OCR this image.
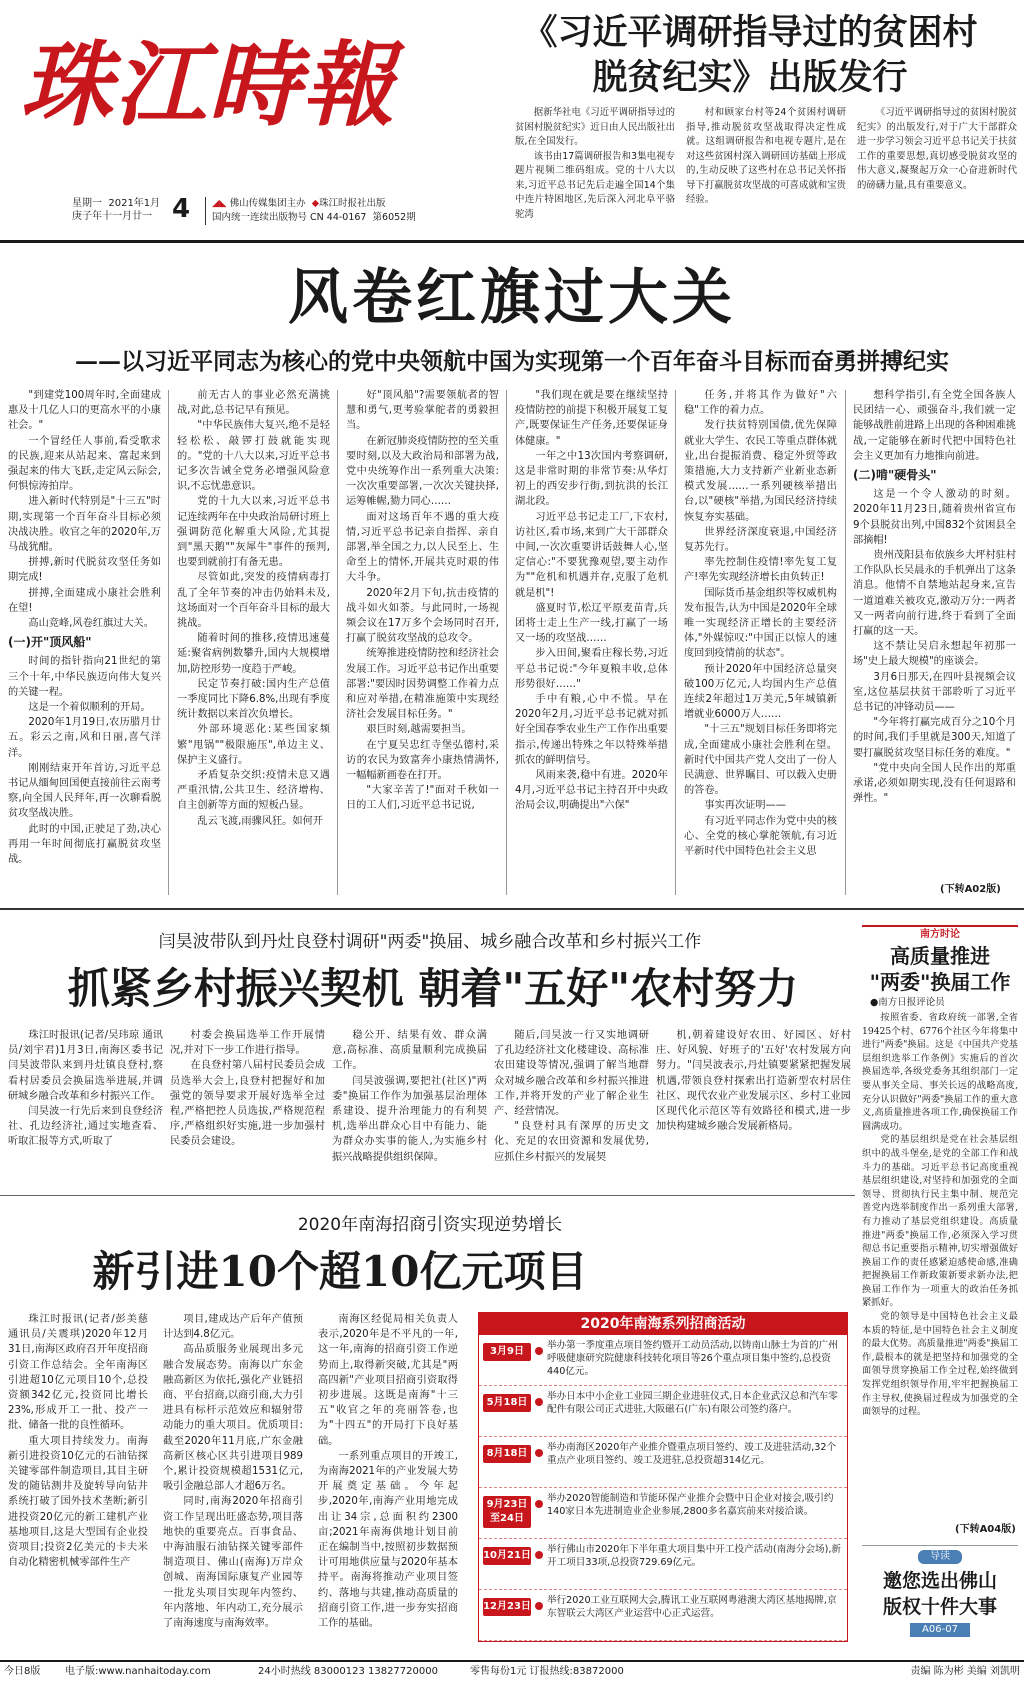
珠江時報
星期一 2021年1月
庚子年十一月廿一 4 ◢◣ 佛山传媒集团主办 ◆珠江时报社出版
国内统一连续出版物号 CN 44-0167 第6052期
《习近平调研指导过的贫困村
脱贫纪实》出版发行
据新华社电《习近平调研指导过的贫困村脱贫纪实》近日由人民出版社出版,在全国发行。
该书由17篇调研报告和3集电视专题片视频二维码组成。党的十八大以来,习近平总书记先后走遍全国14个集中连片特困地区,先后深入河北阜平骆驼湾
村和顾家台村等24个贫困村调研指导,推动脱贫攻坚战取得决定性成就。这组调研报告和电视专题片,是在对这些贫困村深入调研回访基础上形成的,生动反映了这些村在总书记关怀指导下打赢脱贫攻坚战的可喜成就和宝贵经验。
《习近平调研指导过的贫困村脱贫纪实》的出版发行,对于广大干部群众进一步学习领会习近平总书记关于扶贫工作的重要思想,真切感受脱贫攻坚的伟大意义,凝聚起万众一心奋进新时代的磅礴力量,具有重要意义。
风卷红旗过大关
——以习近平同志为核心的党中央领航中国为实现第一个百年奋斗目标而奋勇拼搏纪实
"到建党100周年时,全面建成惠及十几亿人口的更高水平的小康社会。"
一个冒经任人事前,看受歌求的民族,迎来从站起来、富起来到强起来的伟大飞跃,走定风云际会,何惧惊涛拍岸。
进入新时代特别是"十三五"时期,实现第一个百年奋斗目标必须决战决胜。收官之年的2020年,万马战犹酣。
拼搏,新时代脱贫攻坚任务如期完成!
拼搏,全面建成小康社会胜利在望!
高山竞峰,风卷红旗过大关。
(一)开"顶风船"
时间的指针指向21世纪的第三个十年,中华民族迈向伟大复兴的关键一程。
这是一个着似顺利的开局。
2020年1月19日,农历腊月廿五。彩云之南,风和日丽,喜气洋洋。
刚刚结束开年首访,习近平总书记从缅甸回国便直接前往云南考察,向全国人民拜年,再一次聊看脱贫攻坚战决胜。
此时的中国,正驶足了劲,决心再用一年时间彻底打赢脱贫攻坚战。
前无古人的事业必然充满挑战,对此,总书记早有预见。
"中华民族伟大复兴,绝不是轻轻松松、敲锣打鼓就能实现的。"党的十八大以来,习近平总书记多次告诫全党务必增强风险意识,不忘忧患意识。
党的十九大以来,习近平总书记连续两年在中央政治局研讨班上强调防范化解重大风险,尤其提到"黑天鹅""灰犀牛"事件的预判,也要到就前打有备无患。
尽管如此,突发的疫情病毒打乱了全年节奏的冲击仍始料未及,这场面对一个百年奋斗目标的最大挑战。
随着时间的推移,疫情迅速蔓延:聚省病例数攀升,国内大规模增加,防控形势一度趋于严峻。
民定节奏打破:国内生产总值一季度同比下降6.8%,出现有季度统计数据以来首次负增长。
外部环境恶化:某些国家频繁"甩锅""极限施压",单边主义、保护主义盛行。
矛盾复杂交织:疫情未息又遇严重汛情,公共卫生、经济增构、自主创新等方面的短板凸显。
乱云飞渡,雨骤风狂。如何开
好"顶风船"?需要领航者的智慧和勇气,更考验掌舵者的勇毅担当。
在新冠肺炎疫情防控的至关重要时刻,以及大政治局和部署为战,党中央统筹作出一系列重大决策:一次次重要部署,一次次关键抉择,运筹帷幄,勠力同心……
面对这场百年不遇的重大疫情,习近平总书记亲自指挥、亲自部署,举全国之力,以人民至上、生命至上的情怀,开展共克时艰的伟大斗争。
2020年2月下旬,抗击疫情的战斗如火如荼。与此同时,一场视频会议在17万多个会场同时召开,打赢了脱贫攻坚战的总攻令。
统筹推进疫情防控和经济社会发展工作。习近平总书记作出重要部署:"要因时因势调整工作着力点和应对举措,在精准施策中实现经济社会发展目标任务。"
艰巨时刻,越需要担当。
在宁夏吴忠红寺堡弘德村,采访的农民为致富奔小康热情满怀,一幅幅新画卷在打开。
"大家辛苦了!"面对千秋如一日的工人们,习近平总书记说,
"我们现在就是要在继续坚持疫情防控的前提下积极开展复工复产,既要保证生产任务,还要保证身体健康。"
一年之中13次国内考察调研,这是非常时期的非常节奏:从华灯初上的西安步行街,到抗洪的长江湖北段。
习近平总书记走工厂,下农村,访社区,看市场,来到广大干部群众中间,一次次重要讲话鼓舞人心,坚定信心:"不要犹豫观望,要主动作为""危机和机遇并存,克服了危机就是机"!
盛夏时节,松辽平原麦苗青,兵团将士走上生产一线,打赢了一场又一场的攻坚战……
步入田间,聚看庄稼长势,习近平总书记说:"今年夏粮丰收,总体形势很好……"
手中有粮,心中不慌。早在2020年2月,习近平总书记就对抓好全国春季农业生产工作作出重要指示,传递出特殊之年以特殊举措抓农的鲜明信号。
风雨来袭,稳中有进。2020年4月,习近平总书记主持召开中央政治局会议,明确提出"六保"
任务,并将其作为做好"六稳"工作的着力点。
发行扶贫特别国债,优先保障就业大学生、农民工等重点群体就业,出台提振消费、稳定外贸等政策措施,大力支持新产业新业态新模式发展……一系列硬核举措出台,以"硬核"举措,为国民经济持续恢复夯实基础。
世界经济深度衰退,中国经济复苏先行。
率先控制住疫情!率先复工复产!率先实现经济增长由负转正!
国际货币基金组织等权威机构发布报告,认为中国是2020年全球唯一实现经济正增长的主要经济体,"外媒惊叹:"中国正以惊人的速度回到疫情前的状态"。
预计2020年中国经济总量突破100万亿元,人均国内生产总值连续2年超过1万美元,5年城镇新增就业6000万人……
"十三五"规划目标任务即将完成,全面建成小康社会胜利在望。新时代中国共产党人交出了一份人民满意、世界瞩目、可以载入史册的答卷。
事实再次证明——
有习近平同志作为党中央的核心、全党的核心掌舵领航,有习近平新时代中国特色社会主义思
想科学指引,有全党全国各族人民团结一心、顽强奋斗,我们就一定能够战胜前进路上出现的各种困难挑战,一定能够在新时代把中国特色社会主义更加有力地推向前进。
(二)啃"硬骨头"
这是一个令人激动的时刻。2020年11月23日,随着贵州省宣布9个县脱贫出列,中国832个贫困县全部摘帽!
贵州茂阳县布依族乡大坪村驻村工作队队长吴晨永的手机弹出了这条消息。他情不自禁地站起身来,宣告一道道难关被攻克,激动万分:一两者又一两者向前行进,终于看到了全面打赢的这一天。
这不禁让吴启永想起年初那一场"史上最大规模"的座谈会。
3月6日那天,在四叶县视频会议室,这位基层扶贫干部聆听了习近平总书记的冲锋动员——
"今年将打赢完成百分之10个月的时间,我们手里就是300天,知道了要打赢脱贫攻坚目标任务的难度。"
"党中央向全国人民作出的郑重承诺,必须如期实现,没有任何退路和弹性。"
(下转A02版)
闫昊波带队到丹灶良登村调研"两委"换届、城乡融合改革和乡村振兴工作
抓紧乡村振兴契机 朝着"五好"农村努力
珠江时报讯(记者/吴玮琼 通讯员/刘宇君)1月3日,南海区委书记闫昊波带队来到丹灶镇良登村,察看村居委员会换届选举进展,并调研城乡融合改革和乡村振兴工作。
闫昊波一行先后来到良登经济社、孔边经济社,通过实地查看、听取汇报等方式,听取了
村委会换届选举工作开展情况,并对下一步工作进行指导。
在良登村第八届村民委员会成员选举大会上,良登村把握好和加强党的领导要求开展好选举全过程,严格把控人员选拔,严格规范程序,严格组织好实施,进一步加强村民委员会建设。
稳公开、结果有效、群众满意,高标准、高质量顺利完成换届工作。
闫昊波强调,要把社(社区)"两委"换届工作作为加强基层治理体系建设、提升治理能力的有利契机,选举出群众心目中有能力、能为群众办实事的能人,为实施乡村振兴战略提供组织保障。
随后,闫昊波一行又实地调研了孔边经济社文化楼建设、高标准农田建设等情况,强调了解当地群众对城乡融合改革和乡村振兴推进工作,并将开发的产业了解企业生产、经营情况。
"良登村具有深厚的历史文化、充足的农田资源和发展优势,应抓住乡村振兴的发展契
机,朝着建设好农田、好园区、好村庄、好风貌、好班子的'五好'农村发展方向努力。"闫昊波表示,丹灶镇要紧紧把握发展机遇,带领良登村探索出打造新型农村居住社区、现代农业产业发展示区、乡村工业园区现代化示范区等有效路径和模式,进一步加快构建城乡融合发展新格局。
2020年南海招商引资实现逆势增长
新引进10个超10亿元项目
珠江时报讯(记者/彭美慈 通讯员/关震琪)2020年12月31日,南海区政府召开年度招商引资工作总结会。全年南海区引进超10亿元项目10个,总投资额342亿元,投资同比增长23%,形成开工一批、投产一批、储备一批的良性循环。
重大项目持续发力。南海新引进投资10亿元的石油钻探关键零部件制造项目,其目主研发的随钻测井及旋转导向钻井系统打破了国外技术垄断;新引进投资20亿元的新工建机产业基地项目,这是大型国有企业投资项目;投资2亿美元的卡夫米自动化精密机械零部件生产
项目,建成达产后年产值预计达到4.8亿元。
高品质服务业展现出多元融合发展态势。南海以广东金融高新区为依托,强化产业链招商、平台招商,以商引商,大力引进具有标杆示范效应和辐射带动能力的重大项目。优质项目:截至2020年11月底,广东金融高新区核心区共引进项目989个,累计投资规模超1531亿元,吸引金融总部人才超6万名。
同时,南海2020年招商引资工作呈现出旺盛态势,项目落地快的重要亮点。百事食品、中海油服石油钻探关键零部件制造项目、佛山(南海)万岸众创城、南海国际康复产业园等一批龙头项目实现年内签约、年内落地、年内动工,充分展示了南海速度与南海效率。
南海区经促局相关负责人表示,2020年是不平凡的一年,这一年,南海的招商引资工作逆势而上,取得新突破,尤其是"两高四新"产业项目招商引资取得初步进展。这既是南海"十三五"收官之年的亮丽答卷,也为"十四五"的开局打下良好基础。
一系列重点项目的开竣工,为南海2021年的产业发展大势开展奠定基础。今年起步,2020年,南海产业用地完成出让34宗,总面积约2300亩;2021年南海供地计划目前正在编制当中,按照初步数据预计可用地供应量与2020年基本持平。南海将推动产业项目签约、落地与共建,推动高质量的招商引资工作,进一步夯实招商工作的基础。
2020年南海系列招商活动
3月9日
举办第一季度重点项目签约暨开工动员活动,以铸南山脉士为首的广州呼吸健康研究院健康科技转化项目等26个重点项目集中签约,总投资440亿元。
5月18日
举办日本中小企业工业园三期企业进驻仪式,日本企业武汉总和汽车零配件有限公司正式进驻,大阪磁石(广东)有限公司签约落户。
8月18日
举办南海区2020年产业推介暨重点项目签约、竣工及进驻活动,32个重点产业项目签约、竣工及进驻,总投资超314亿元。
9月23日至24日
举办2020智能制造和节能环保产业推介会暨中日企业对接会,吸引约140家日本先进制造业企业参展,2800多名嘉宾前来对接洽谈。
10月21日
举行佛山市2020年下半年重大项目集中开工投产活动(南海分会场),新开工项目33项,总投资729.69亿元。
12月23日
举行2020工业互联网大会,腾讯工业互联网粤港澳大湾区基地揭牌,京东智联云大湾区产业运营中心正式运营。
南方时论
高质量推进
"两委"换届工作
●南方日报评论员
按照省委、省政府统一部署,全省19425个村、6776个社区今年将集中进行"两委"换届。这是《中国共产党基层组织选举工作条例》实施后的首次换届选举,各级党委务其组织部门一定要从事关全局、事关长远的战略高度,充分认识做好"两委"换届工作的重大意义,高质量推进各项工作,确保换届工作圆满成功。
党的基层组织是党在社会基层组织中的战斗堡垒,是党的全部工作和战斗力的基础。习近平总书记高度重视基层组织建设,对坚持和加强党的全面领导、贯彻执行民主集中制、规范完善党内选举制度作出一系列重大部署,有力推动了基层党组织建设。高质量推进"两委"换届工作,必须深入学习贯彻总书记重要指示精神,切实增强做好换届工作的责任感紧迫感使命感,准确把握换届工作新政策新要求新办法,把换届工作作为一项重大的政治任务抓紧抓好。
党的领导是中国特色社会主义最本质的特征,是中国特色社会主义制度的最大优势。高质量推进"两委"换届工作,最根本的就是把坚持和加强党的全面领导贯穿换届工作全过程,始终做到发挥党组织领导作用,牢牢把握换届工作主导权,使换届过程成为加强党的全面领导的过程。
(下转A04版)
导读
邀您选出佛山
版权十件大事
A06-07
今日8版 电子版:www.nanhaitoday.com	24小时热线 83000123 13827720000	零售每份1元 订报热线:83872000	责编 陈为彬 美编 刘凯明
